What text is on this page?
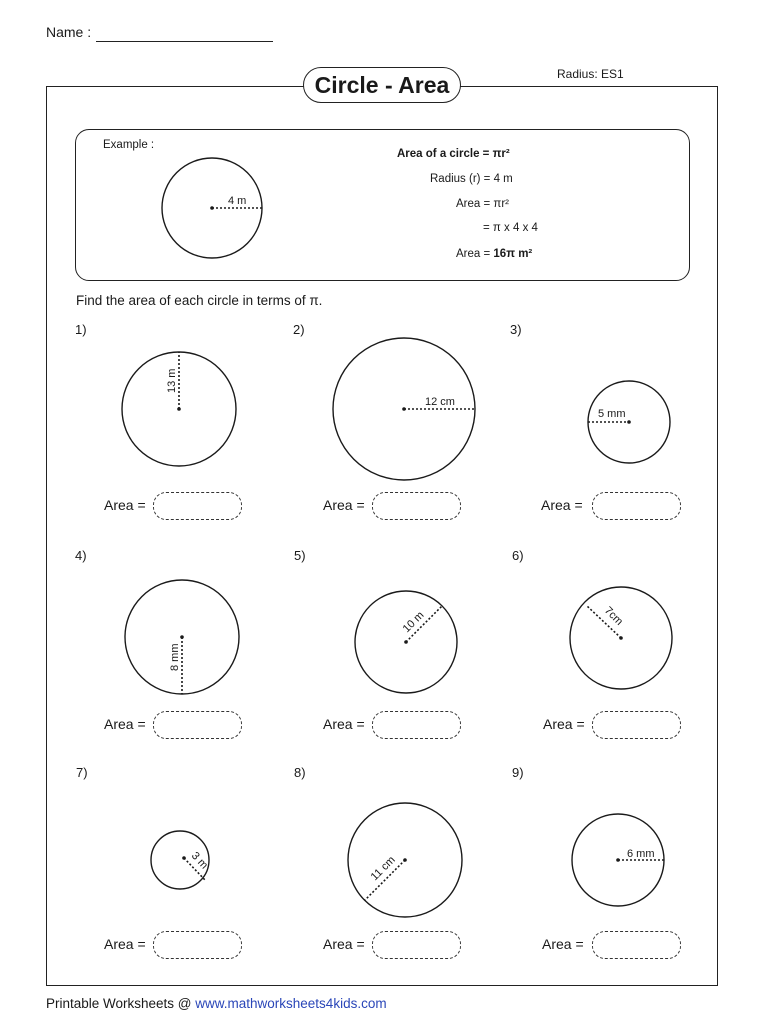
Name :
Radius: ES1
Circle - Area
Example :
Area of a circle = πr²
Radius (r) = 4 m
Area = πr²
= π x 4 x 4
Area = 16π m²
Find the area of each circle in terms of π.
1)	2)	3)
4)	5)	6)
7)	8)	9)
Area =	Area =	Area =
Area =	Area =	Area =
Area =	Area =	Area =
4 m
13 m
12 cm
5 mm
8 mm
10 m	7cm
3 m	11 cm
6 mm
Printable Worksheets @ www.mathworksheets4kids.com
